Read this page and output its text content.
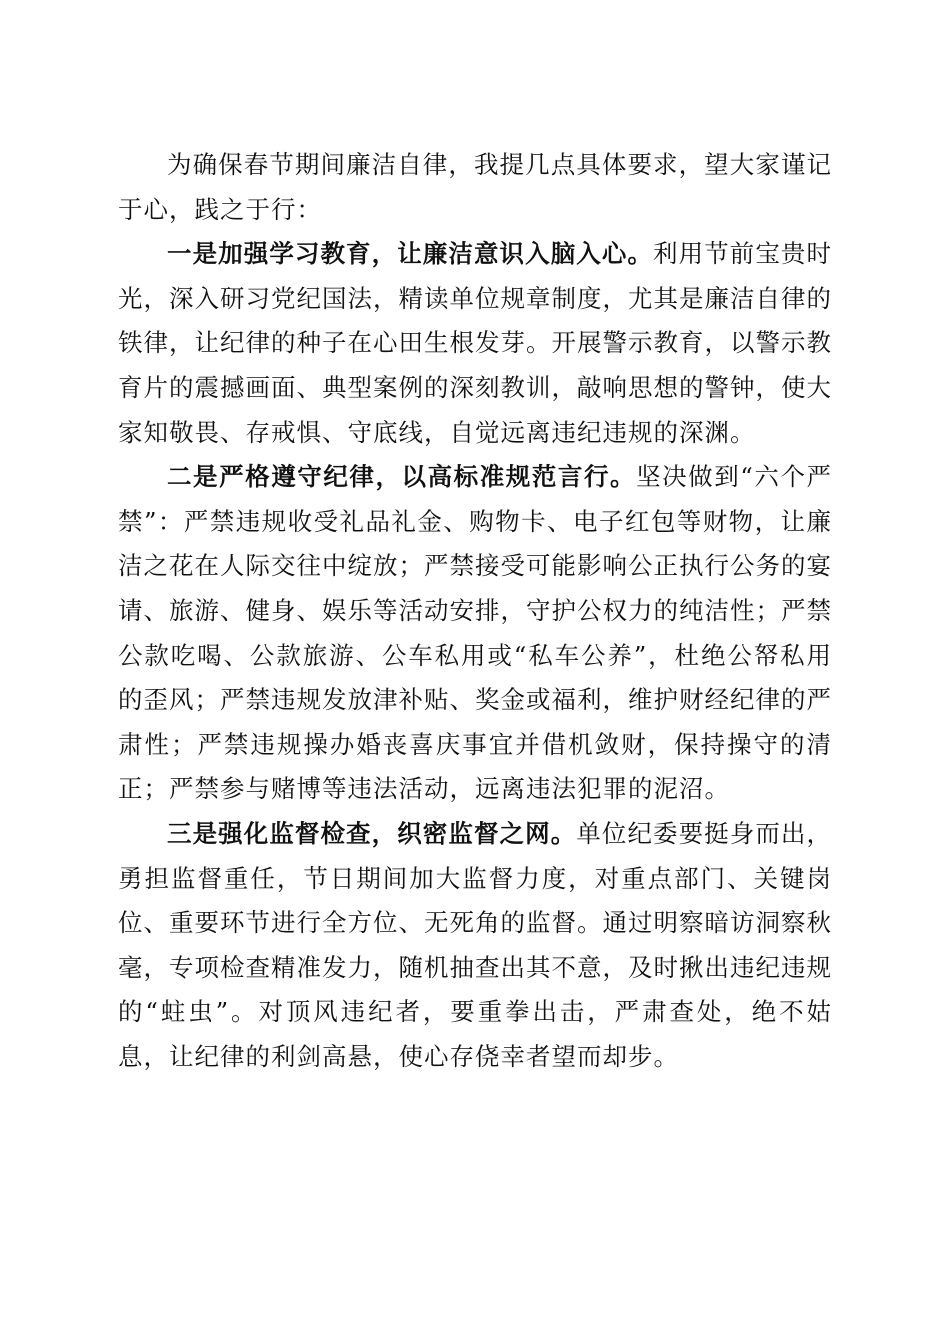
为确保春节期间廉洁自律，我提几点具体要求，望大家谨记于心，践之于行：

一是加强学习教育，让廉洁意识入脑入心。利用节前宝贵时光，深入研习党纪国法，精读单位规章制度，尤其是廉洁自律的铁律，让纪律的种子在心田生根发芽。开展警示教育，以警示教育片的震撼画面、典型案例的深刻教训，敲响思想的警钟，使大家知敬畏、存戒惧、守底线，自觉远离违纪违规的深渊。

二是严格遵守纪律，以高标准规范言行。坚决做到“六个严禁”：严禁违规收受礼品礼金、购物卡、电子红包等财物，让廉洁之花在人际交往中绽放；严禁接受可能影响公正执行公务的宴请、旅游、健身、娱乐等活动安排，守护公权力的纯洁性；严禁公款吃喝、公款旅游、公车私用或“私车公养”，杜绝公帑私用的歪风；严禁违规发放津补贴、奖金或福利，维护财经纪律的严肃性；严禁违规操办婚丧喜庆事宜并借机敛财，保持操守的清正；严禁参与赌博等违法活动，远离违法犯罪的泥沼。

三是强化监督检查，织密监督之网。单位纪委要挺身而出，勇担监督重任，节日期间加大监督力度，对重点部门、关键岗位、重要环节进行全方位、无死角的监督。通过明察暗访洞察秋毫，专项检查精准发力，随机抽查出其不意，及时揪出违纪违规的“蛀虫”。对顶风违纪者，要重拳出击，严肃查处，绝不姑息，让纪律的利剑高悬，使心存侥幸者望而却步。
